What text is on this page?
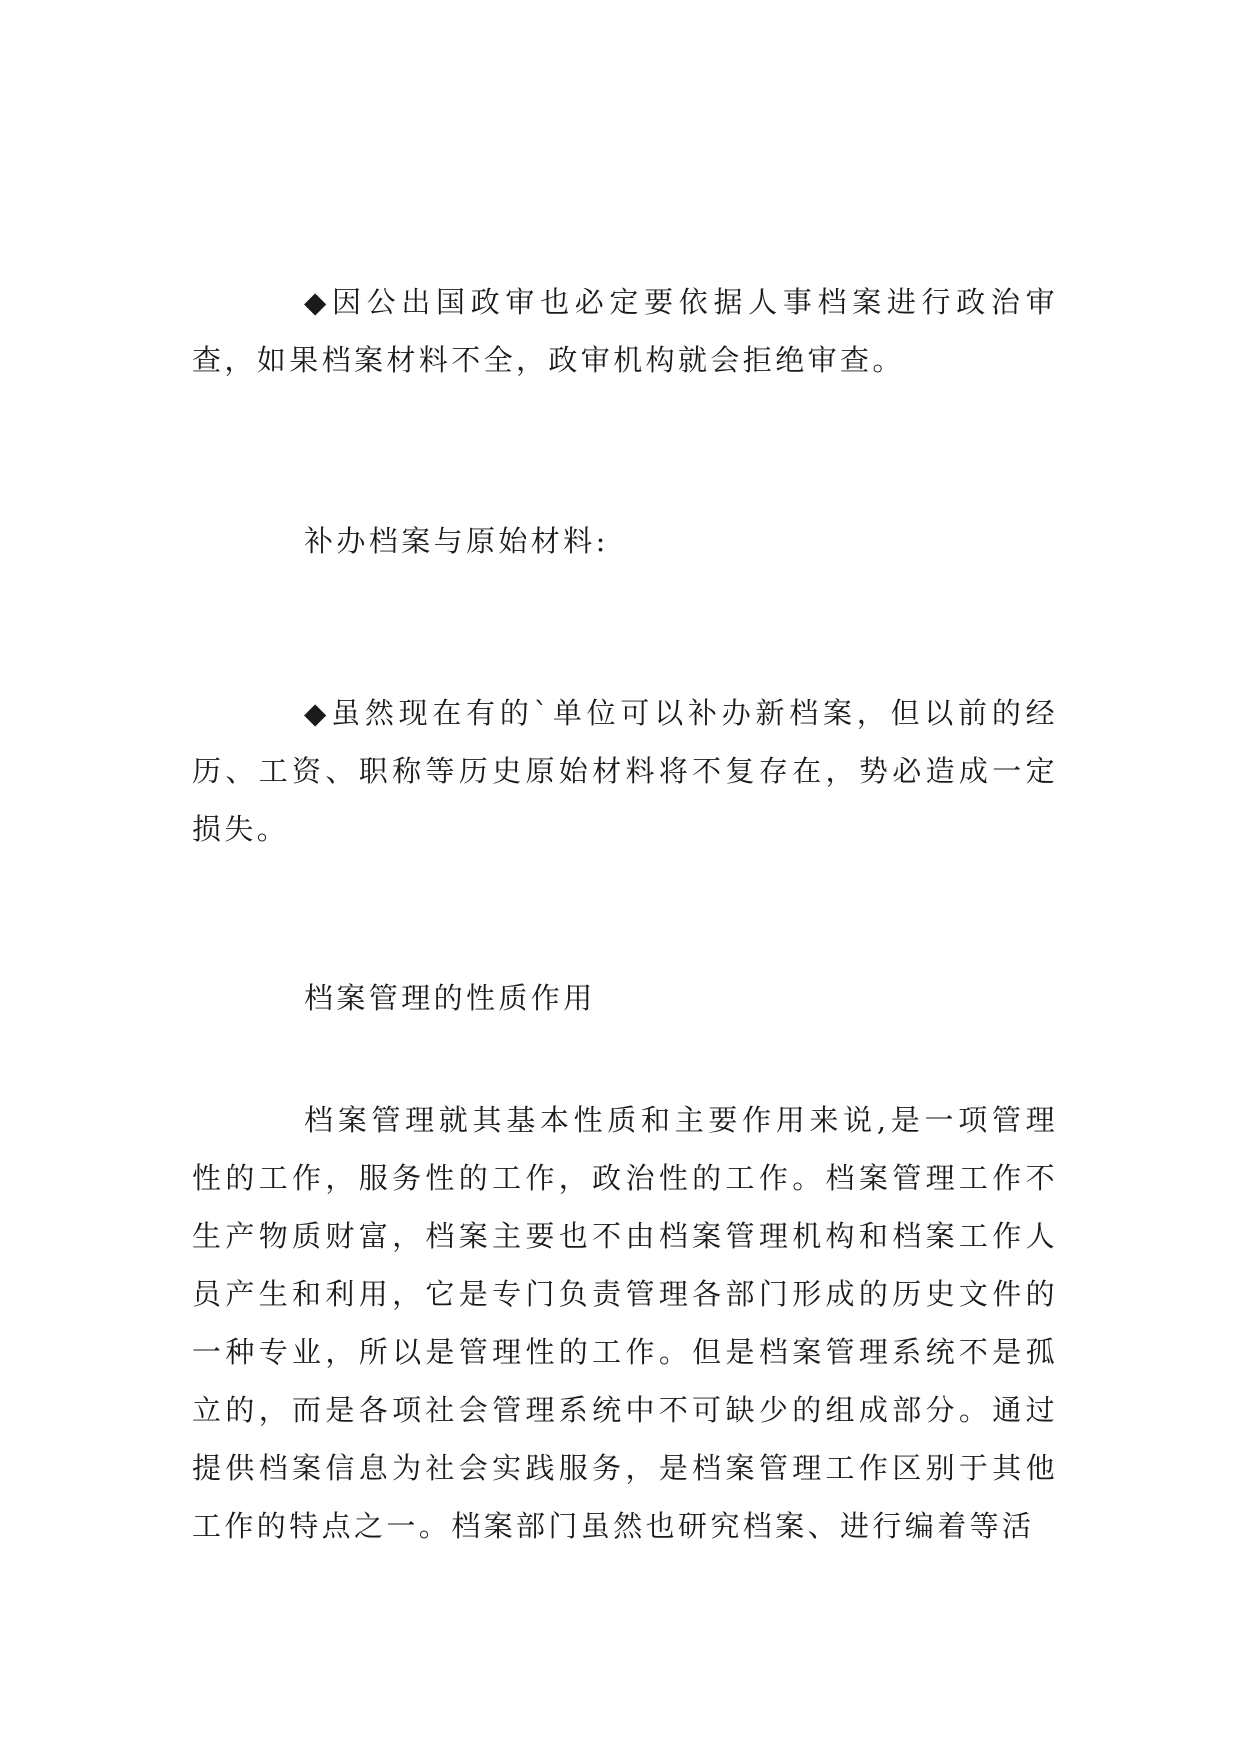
◆因公出国政审也必定要依据人事档案进行政治审查，如果档案材料不全，政审机构就会拒绝审查。

补办档案与原始材料:

◆虽然现在有的`单位可以补办新档案，但以前的经历、工资、职称等历史原始材料将不复存在，势必造成一定损失。

档案管理的性质作用

档案管理就其基本性质和主要作用来说,是一项管理性的工作，服务性的工作，政治性的工作。档案管理工作不生产物质财富，档案主要也不由档案管理机构和档案工作人员产生和利用，它是专门负责管理各部门形成的历史文件的一种专业，所以是管理性的工作。但是档案管理系统不是孤立的，而是各项社会管理系统中不可缺少的组成部分。通过提供档案信息为社会实践服务，是档案管理工作区别于其他工作的特点之一。档案部门虽然也研究档案、进行编着等活
